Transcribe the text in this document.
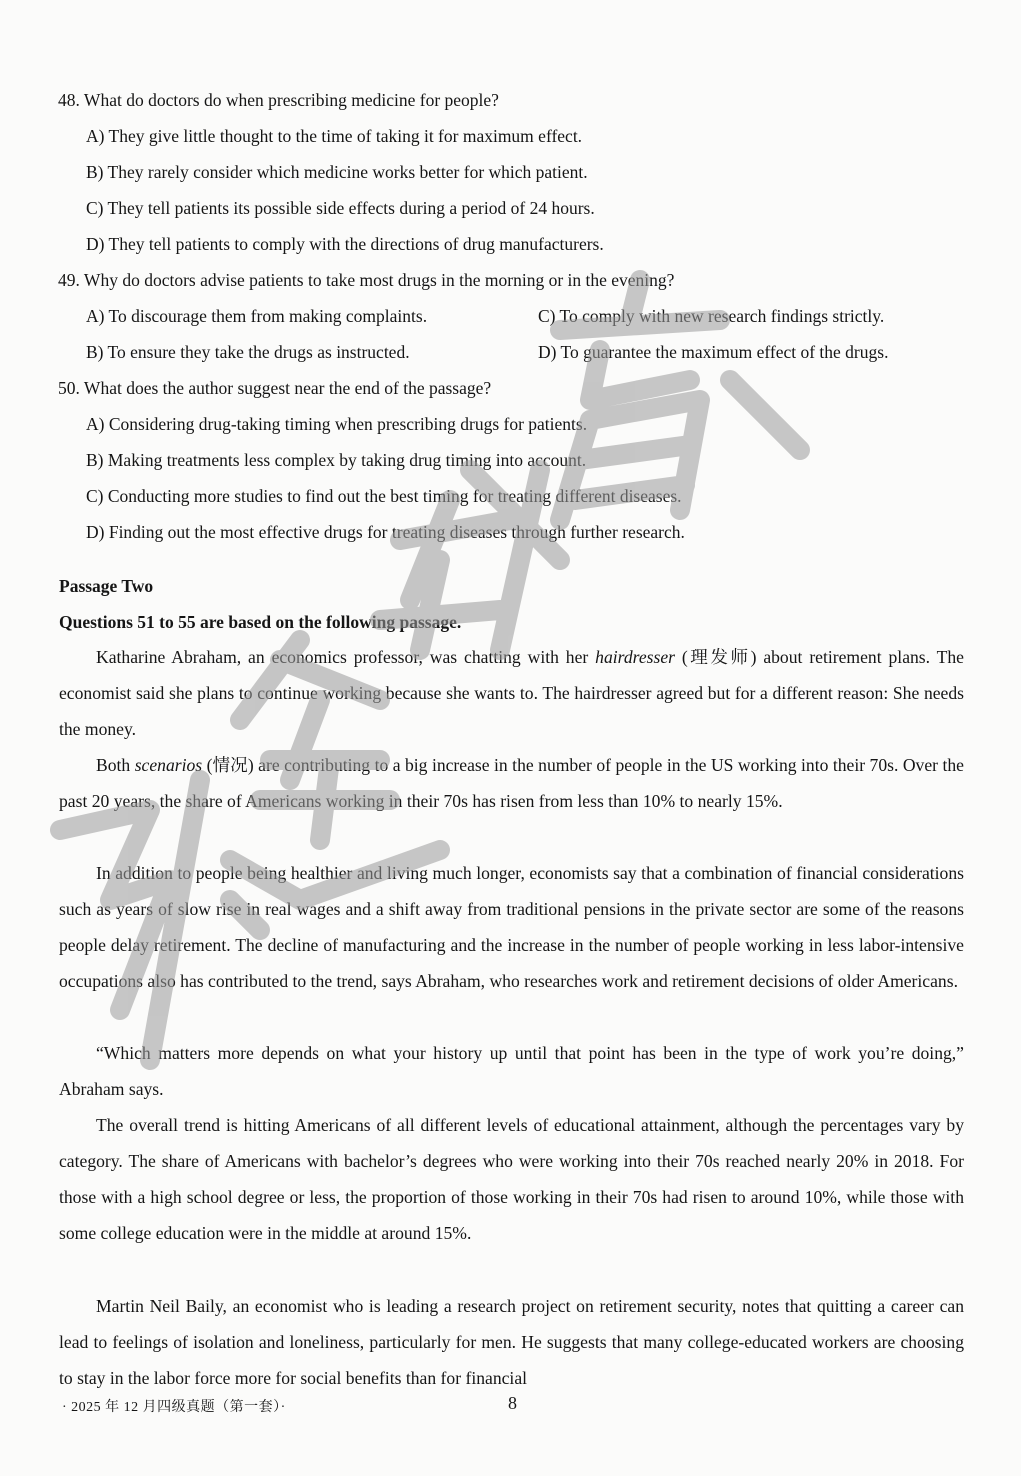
48. What do doctors do when prescribing medicine for people?
A) They give little thought to the time of taking it for maximum effect.
B) They rarely consider which medicine works better for which patient.
C) They tell patients its possible side effects during a period of 24 hours.
D) They tell patients to comply with the directions of drug manufacturers.
49. Why do doctors advise patients to take most drugs in the morning or in the evening?
A) To discourage them from making complaints.	C) To comply with new research findings strictly.
B) To ensure they take the drugs as instructed.	D) To guarantee the maximum effect of the drugs.
50. What does the author suggest near the end of the passage?
A) Considering drug-taking timing when prescribing drugs for patients.
B) Making treatments less complex by taking drug timing into account.
C) Conducting more studies to find out the best timing for treating different diseases.
D) Finding out the most effective drugs for treating diseases through further research.
Passage Two
Questions 51 to 55 are based on the following passage.
Katharine Abraham, an economics professor, was chatting with her hairdresser (理发师) about retirement plans. The economist said she plans to continue working because she wants to. The hairdresser agreed but for a different reason: She needs the money.
Both scenarios (情况) are contributing to a big increase in the number of people in the US working into their 70s. Over the past 20 years, the share of Americans working in their 70s has risen from less than 10% to nearly 15%.
In addition to people being healthier and living much longer, economists say that a combination of financial considerations such as years of slow rise in real wages and a shift away from traditional pensions in the private sector are some of the reasons people delay retirement. The decline of manufacturing and the increase in the number of people working in less labor-intensive occupations also has contributed to the trend, says Abraham, who researches work and retirement decisions of older Americans.
“Which matters more depends on what your history up until that point has been in the type of work you’re doing,” Abraham says.
The overall trend is hitting Americans of all different levels of educational attainment, although the percentages vary by category. The share of Americans with bachelor’s degrees who were working into their 70s reached nearly 20% in 2018. For those with a high school degree or less, the proportion of those working in their 70s had risen to around 10%, while those with some college education were in the middle at around 15%.
Martin Neil Baily, an economist who is leading a research project on retirement security, notes that quitting a career can lead to feelings of isolation and loneliness, particularly for men. He suggests that many college-educated workers are choosing to stay in the labor force more for social benefits than for financial
· 2025 年 12 月四级真题（第一套）·	8
